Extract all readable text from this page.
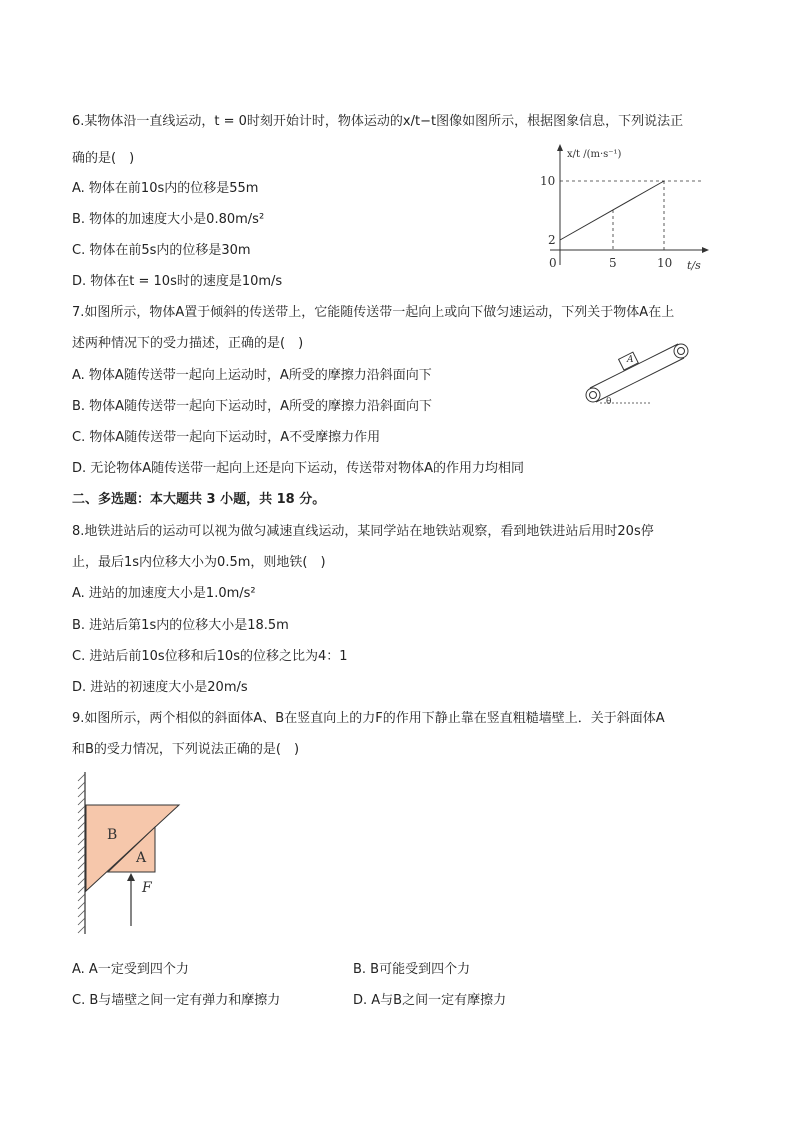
6.某物体沿一直线运动，t = 0时刻开始计时，物体运动的x/t−t图像如图所示，根据图象信息，下列说法正
确的是(　)
A. 物体在前10s内的位移是55m
B. 物体的加速度大小是0.80m/s²
C. 物体在前5s内的位移是30m
D. 物体在t = 10s时的速度是10m/s
x/t /(m·s⁻¹)
10
2
0	5	10 t/s
7.如图所示，物体A置于倾斜的传送带上，它能随传送带一起向上或向下做匀速运动，下列关于物体A在上
述两种情况下的受力描述，正确的是(　)
A. 物体A随传送带一起向上运动时，A所受的摩擦力沿斜面向下
B. 物体A随传送带一起向下运动时，A所受的摩擦力沿斜面向下
C. 物体A随传送带一起向下运动时，A不受摩擦力作用
D. 无论物体A随传送带一起向上还是向下运动，传送带对物体A的作用力均相同
A
θ
二、多选题：本大题共 3 小题，共 18 分。
8.地铁进站后的运动可以视为做匀减速直线运动，某同学站在地铁站观察，看到地铁进站后用时20s停
止，最后1s内位移大小为0.5m，则地铁(　)
A. 进站的加速度大小是1.0m/s²
B. 进站后第1s内的位移大小是18.5m
C. 进站后前10s位移和后10s的位移之比为4：1
D. 进站的初速度大小是20m/s
9.如图所示，两个相似的斜面体A、B在竖直向上的力F的作用下静止靠在竖直粗糙墙壁上．关于斜面体A
和B的受力情况，下列说法正确的是(　)
B
A
F
A. A一定受到四个力	B. B可能受到四个力
C. B与墙壁之间一定有弹力和摩擦力	D. A与B之间一定有摩擦力
